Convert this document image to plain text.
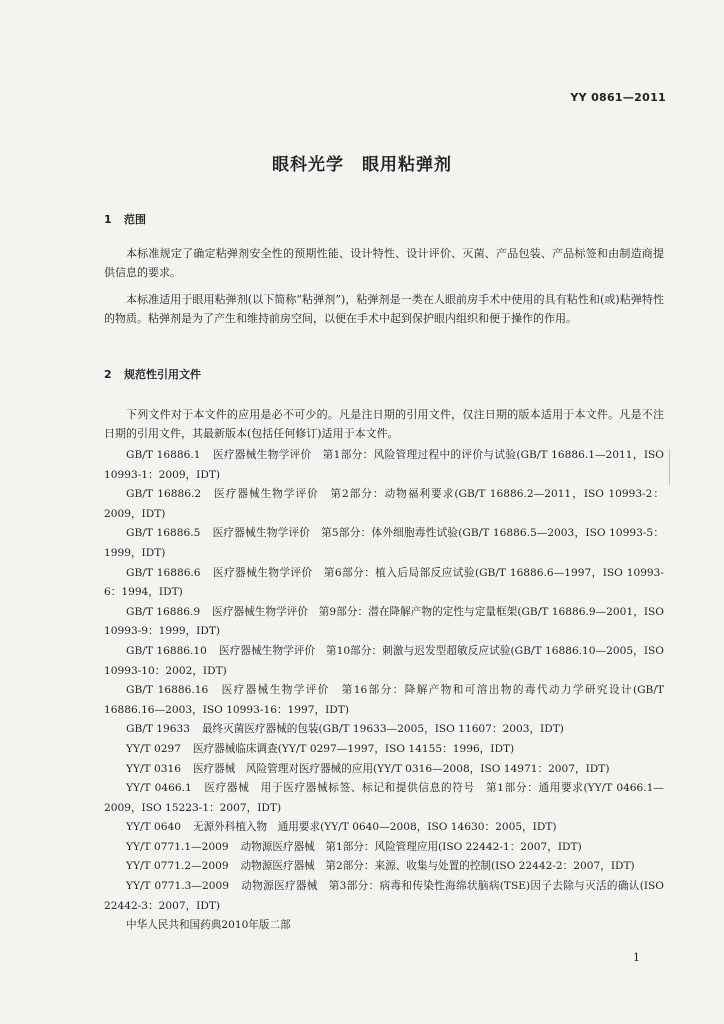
YY 0861—2011
眼科光学　眼用粘弹剂
1 范围
本标准规定了确定粘弹剂安全性的预期性能、设计特性、设计评价、灭菌、产品包装、产品标签和由制造商提供信息的要求。
本标准适用于眼用粘弹剂(以下简称“粘弹剂”)，粘弹剂是一类在人眼前房手术中使用的具有粘性和(或)粘弹特性的物质。粘弹剂是为了产生和维持前房空间，以便在手术中起到保护眼内组织和便于操作的作用。
2 规范性引用文件
下列文件对于本文件的应用是必不可少的。凡是注日期的引用文件，仅注日期的版本适用于本文件。凡是不注日期的引用文件，其最新版本(包括任何修订)适用于本文件。

GB/T 16886.1 医疗器械生物学评价　第1部分：风险管理过程中的评价与试验(GB/T 16886.1—2011，ISO 10993-1：2009，IDT)

GB/T 16886.2 医疗器械生物学评价　第2部分：动物福利要求(GB/T 16886.2—2011，ISO 10993-2：2009，IDT)

GB/T 16886.5 医疗器械生物学评价　第5部分：体外细胞毒性试验(GB/T 16886.5—2003，ISO 10993-5：1999，IDT)

GB/T 16886.6 医疗器械生物学评价　第6部分：植入后局部反应试验(GB/T 16886.6—1997，ISO 10993-6：1994，IDT)

GB/T 16886.9 医疗器械生物学评价　第9部分：潜在降解产物的定性与定量框架(GB/T 16886.9—2001，ISO 10993-9：1999，IDT)

GB/T 16886.10 医疗器械生物学评价　第10部分：刺激与迟发型超敏反应试验(GB/T 16886.10—2005，ISO 10993-10：2002，IDT)

GB/T 16886.16 医疗器械生物学评价　第16部分：降解产物和可溶出物的毒代动力学研究设计(GB/T 16886.16—2003，ISO 10993-16：1997，IDT)

GB/T 19633 最终灭菌医疗器械的包装(GB/T 19633—2005，ISO 11607：2003，IDT)

YY/T 0297 医疗器械临床调查(YY/T 0297—1997，ISO 14155：1996，IDT)

YY/T 0316 医疗器械　风险管理对医疗器械的应用(YY/T 0316—2008，ISO 14971：2007，IDT)

YY/T 0466.1 医疗器械　用于医疗器械标签、标记和提供信息的符号　第1部分：通用要求(YY/T 0466.1—2009，ISO 15223-1：2007，IDT)

YY/T 0640 无源外科植入物　通用要求(YY/T 0640—2008，ISO 14630：2005，IDT)

YY/T 0771.1—2009 动物源医疗器械　第1部分：风险管理应用(ISO 22442-1：2007，IDT)

YY/T 0771.2—2009 动物源医疗器械　第2部分：来源、收集与处置的控制(ISO 22442-2：2007，IDT)

YY/T 0771.3—2009 动物源医疗器械　第3部分：病毒和传染性海绵状脑病(TSE)因子去除与灭活的确认(ISO 22442-3：2007，IDT)

中华人民共和国药典2010年版二部

1
